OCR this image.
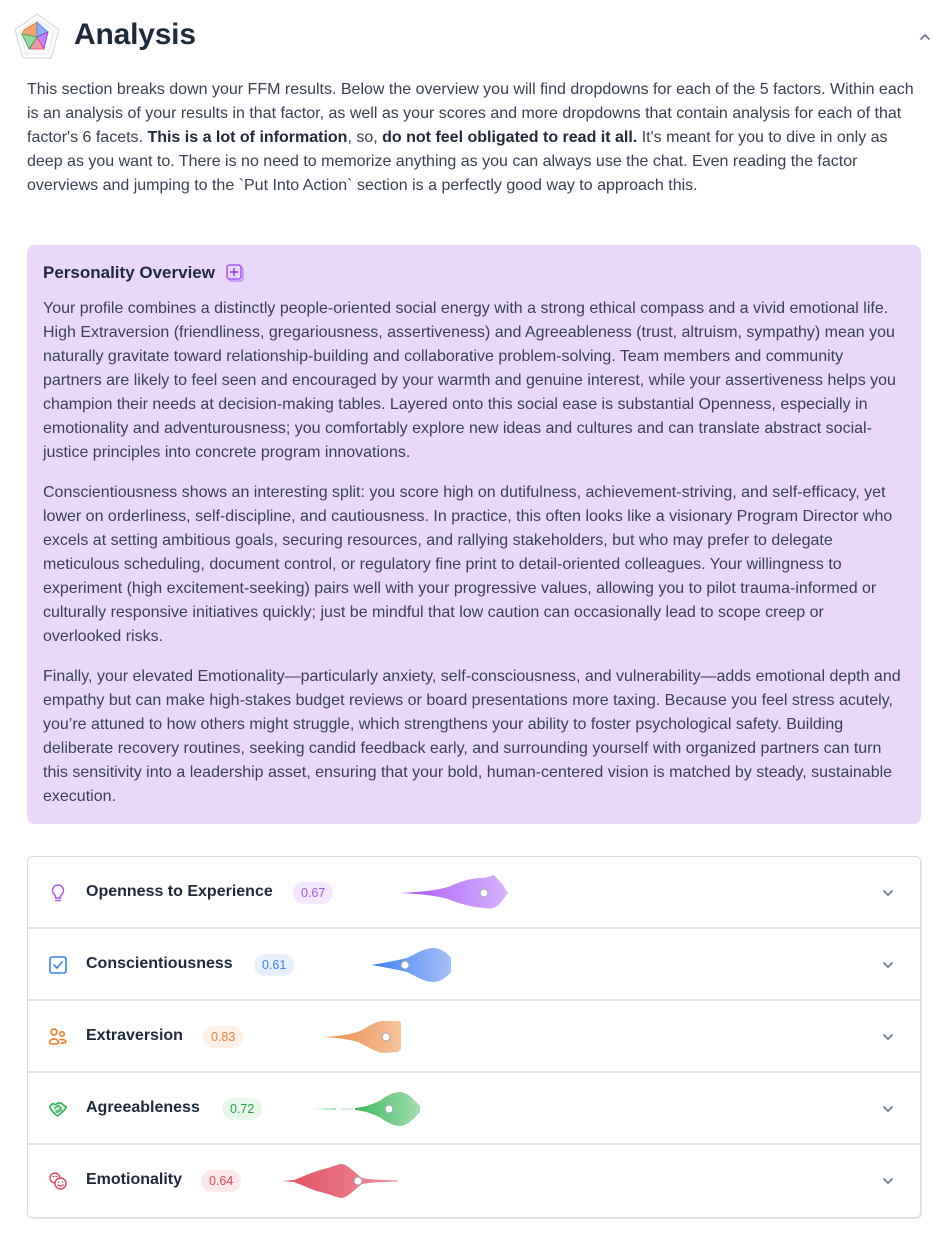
Analysis
This section breaks down your FFM results. Below the overview you will find dropdowns for each of the 5 factors. Within each is an analysis of your results in that factor, as well as your scores and more dropdowns that contain analysis for each of that factor's 6 facets. This is a lot of information, so, do not feel obligated to read it all. It's meant for you to dive in only as deep as you want to. There is no need to memorize anything as you can always use the chat. Even reading the factor overviews and jumping to the `Put Into Action` section is a perfectly good way to approach this.
Personality Overview

Your profile combines a distinctly people-oriented social energy with a strong ethical compass and a vivid emotional life. High Extraversion (friendliness, gregariousness, assertiveness) and Agreeableness (trust, altruism, sympathy) mean you naturally gravitate toward relationship-building and collaborative problem-solving. Team members and community partners are likely to feel seen and encouraged by your warmth and genuine interest, while your assertiveness helps you champion their needs at decision-making tables. Layered onto this social ease is substantial Openness, especially in emotionality and adventurousness; you comfortably explore new ideas and cultures and can translate abstract social-justice principles into concrete program innovations.

Conscientiousness shows an interesting split: you score high on dutifulness, achievement-striving, and self-efficacy, yet lower on orderliness, self-discipline, and cautiousness. In practice, this often looks like a visionary Program Director who excels at setting ambitious goals, securing resources, and rallying stakeholders, but who may prefer to delegate meticulous scheduling, document control, or regulatory fine print to detail-oriented colleagues. Your willingness to experiment (high excitement-seeking) pairs well with your progressive values, allowing you to pilot trauma-informed or culturally responsive initiatives quickly; just be mindful that low caution can occasionally lead to scope creep or overlooked risks.

Finally, your elevated Emotionality—particularly anxiety, self-consciousness, and vulnerability—adds emotional depth and empathy but can make high-stakes budget reviews or board presentations more taxing. Because you feel stress acutely, you’re attuned to how others might struggle, which strengthens your ability to foster psychological safety. Building deliberate recovery routines, seeking candid feedback early, and surrounding yourself with organized partners can turn this sensitivity into a leadership asset, ensuring that your bold, human-centered vision is matched by steady, sustainable execution.

Openness to Experience	0.67
Conscientiousness	0.61
Extraversion	0.83
Agreeableness	0.72
Emotionality	0.64
